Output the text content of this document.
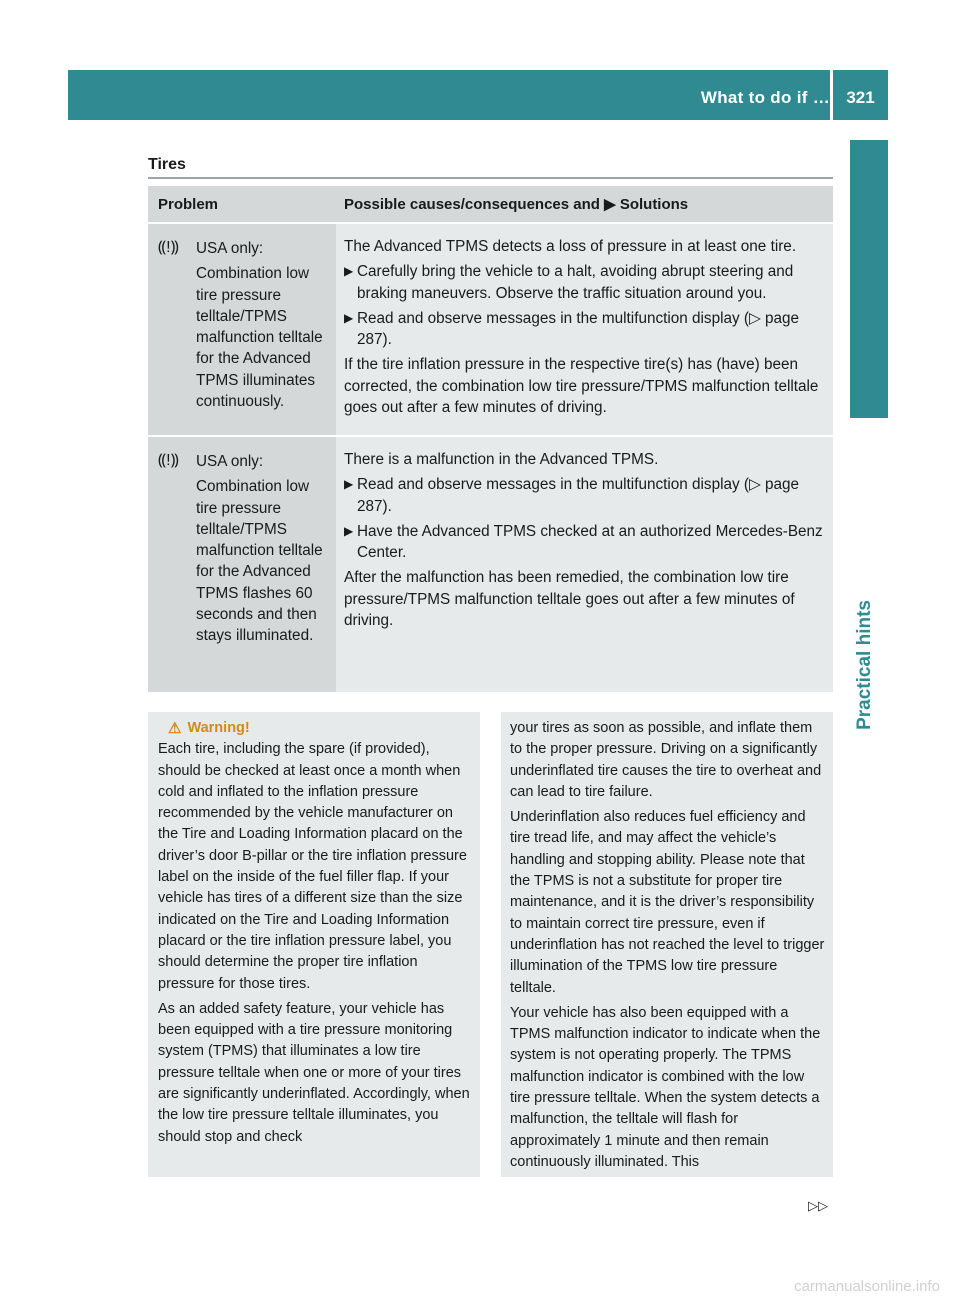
What to do if … 321
Practical hints
Tires
Problem	Possible causes/consequences and ▶ Solutions
⸨!⸩	USA only:

Combination low tire pressure telltale/TPMS malfunction telltale for the Advanced TPMS illuminates continuously.

The Advanced TPMS detects a loss of pressure in at least one tire.

▶ Carefully bring the vehicle to a halt, avoiding abrupt steering and braking maneuvers. Observe the traffic situation around you.
▶ Read and observe messages in the multifunction display (▷ page 287).

If the tire inflation pressure in the respective tire(s) has (have) been corrected, the combination low tire pressure/TPMS malfunction telltale goes out after a few minutes of driving.

⸨!⸩	USA only:

Combination low tire pressure telltale/TPMS malfunction telltale for the Advanced TPMS flashes 60 seconds and then stays illuminated.

There is a malfunction in the Advanced TPMS.

▶ Read and observe messages in the multifunction display (▷ page 287).
▶ Have the Advanced TPMS checked at an authorized Mercedes-Benz Center.

After the malfunction has been remedied, the combination low tire pressure/TPMS malfunction telltale goes out after a few minutes of driving.

⚠ Warning!

Each tire, including the spare (if provided), should be checked at least once a month when cold and inflated to the inflation pressure recommended by the vehicle manufacturer on the Tire and Loading Information placard on the driver’s door B-pillar or the tire inflation pressure label on the inside of the fuel filler flap. If your vehicle has tires of a different size than the size indicated on the Tire and Loading Information placard or the tire inflation pressure label, you should determine the proper tire inflation pressure for those tires.

As an added safety feature, your vehicle has been equipped with a tire pressure monitoring system (TPMS) that illuminates a low tire pressure telltale when one or more of your tires are significantly underinflated. Accordingly, when the low tire pressure telltale illuminates, you should stop and check

your tires as soon as possible, and inflate them to the proper pressure. Driving on a significantly underinflated tire causes the tire to overheat and can lead to tire failure.

Underinflation also reduces fuel efficiency and tire tread life, and may affect the vehicle’s handling and stopping ability. Please note that the TPMS is not a substitute for proper tire maintenance, and it is the driver’s responsibility to maintain correct tire pressure, even if underinflation has not reached the level to trigger illumination of the TPMS low tire pressure telltale.

Your vehicle has also been equipped with a TPMS malfunction indicator to indicate when the system is not operating properly. The TPMS malfunction indicator is combined with the low tire pressure telltale. When the system detects a malfunction, the telltale will flash for approximately 1 minute and then remain continuously illuminated. This

▷▷
carmanualsonline.info
